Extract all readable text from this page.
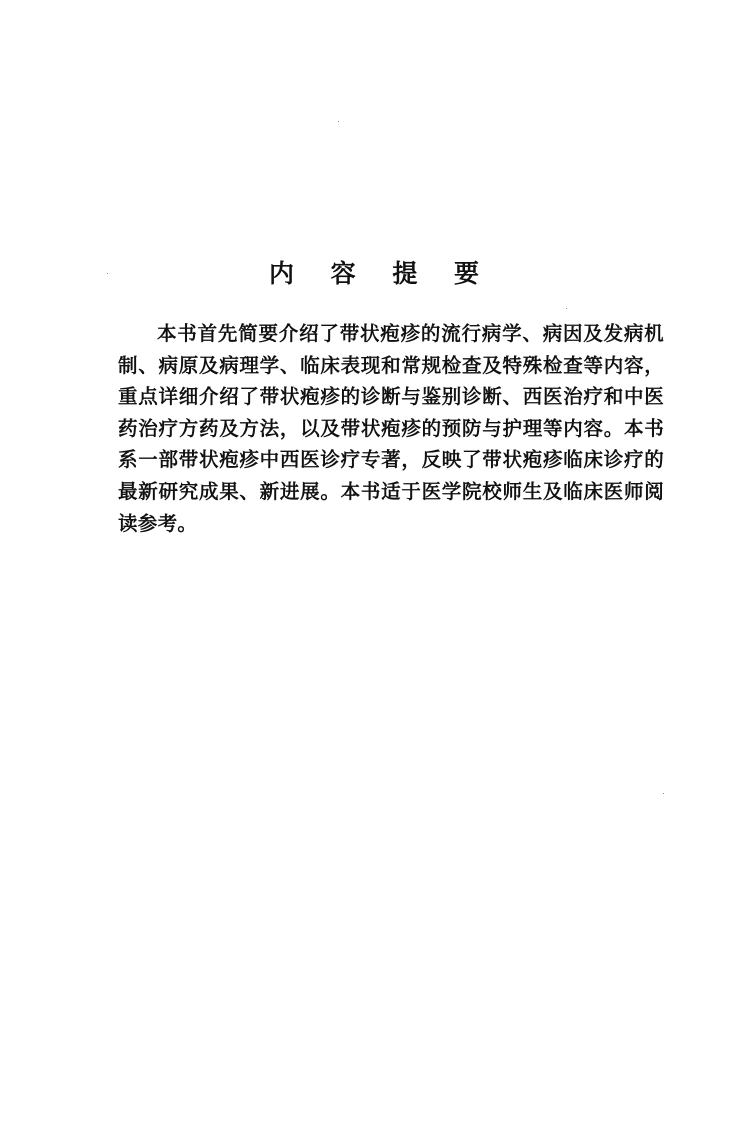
内 容 提 要

本书首先简要介绍了带状疱疹的流行病学、病因及发病机制、病原及病理学、临床表现和常规检查及特殊检查等内容，重点详细介绍了带状疱疹的诊断与鉴别诊断、西医治疗和中医药治疗方药及方法，以及带状疱疹的预防与护理等内容。本书系一部带状疱疹中西医诊疗专著，反映了带状疱疹临床诊疗的最新研究成果、新进展。本书适于医学院校师生及临床医师阅读参考。
